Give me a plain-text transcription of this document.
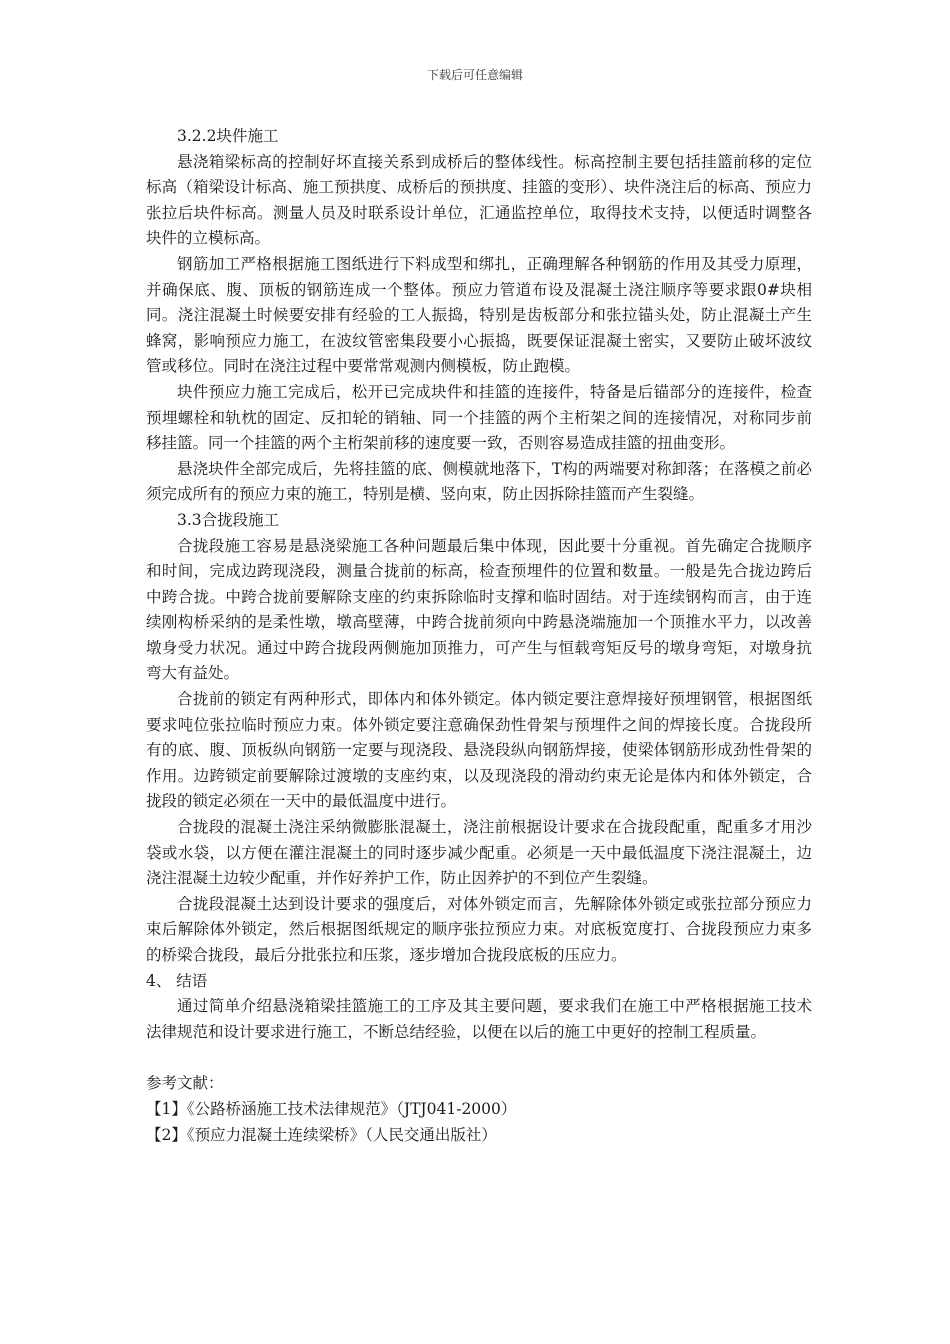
下载后可任意编辑

3.2.2块件施工

悬浇箱梁标高的控制好坏直接关系到成桥后的整体线性。标高控制主要包括挂篮前移的定位标高（箱梁设计标高、施工预拱度、成桥后的预拱度、挂篮的变形）、块件浇注后的标高、预应力张拉后块件标高。测量人员及时联系设计单位，汇通监控单位，取得技术支持，以便适时调整各块件的立模标高。

钢筋加工严格根据施工图纸进行下料成型和绑扎，正确理解各种钢筋的作用及其受力原理，并确保底、腹、顶板的钢筋连成一个整体。预应力管道布设及混凝土浇注顺序等要求跟0#块相同。浇注混凝土时候要安排有经验的工人振捣，特别是齿板部分和张拉锚头处，防止混凝土产生蜂窝，影响预应力施工，在波纹管密集段要小心振捣，既要保证混凝土密实，又要防止破坏波纹管或移位。同时在浇注过程中要常常观测内侧模板，防止跑模。

块件预应力施工完成后，松开已完成块件和挂篮的连接件，特备是后锚部分的连接件，检查预埋螺栓和轨枕的固定、反扣轮的销轴、同一个挂篮的两个主桁架之间的连接情况，对称同步前移挂篮。同一个挂篮的两个主桁架前移的速度要一致，否则容易造成挂篮的扭曲变形。

悬浇块件全部完成后，先将挂篮的底、侧模就地落下，T构的两端要对称卸落；在落模之前必须完成所有的预应力束的施工，特别是横、竖向束，防止因拆除挂篮而产生裂缝。

3.3合拢段施工

合拢段施工容易是悬浇梁施工各种问题最后集中体现，因此要十分重视。首先确定合拢顺序和时间，完成边跨现浇段，测量合拢前的标高，检查预埋件的位置和数量。一般是先合拢边跨后中跨合拢。中跨合拢前要解除支座的约束拆除临时支撑和临时固结。对于连续钢构而言，由于连续刚构桥采纳的是柔性墩，墩高壁薄，中跨合拢前须向中跨悬浇端施加一个顶推水平力，以改善墩身受力状况。通过中跨合拢段两侧施加顶推力，可产生与恒载弯矩反号的墩身弯矩，对墩身抗弯大有益处。

合拢前的锁定有两种形式，即体内和体外锁定。体内锁定要注意焊接好预埋钢管，根据图纸要求吨位张拉临时预应力束。体外锁定要注意确保劲性骨架与预埋件之间的焊接长度。合拢段所有的底、腹、顶板纵向钢筋一定要与现浇段、悬浇段纵向钢筋焊接，使梁体钢筋形成劲性骨架的作用。边跨锁定前要解除过渡墩的支座约束，以及现浇段的滑动约束无论是体内和体外锁定，合拢段的锁定必须在一天中的最低温度中进行。

合拢段的混凝土浇注采纳微膨胀混凝土，浇注前根据设计要求在合拢段配重，配重多才用沙袋或水袋，以方便在灌注混凝土的同时逐步减少配重。必须是一天中最低温度下浇注混凝土，边浇注混凝土边较少配重，并作好养护工作，防止因养护的不到位产生裂缝。

合拢段混凝土达到设计要求的强度后，对体外锁定而言，先解除体外锁定或张拉部分预应力束后解除体外锁定，然后根据图纸规定的顺序张拉预应力束。对底板宽度打、合拢段预应力束多的桥梁合拢段，最后分批张拉和压浆，逐步增加合拢段底板的压应力。

4、 结语

通过简单介绍悬浇箱梁挂篮施工的工序及其主要问题，要求我们在施工中严格根据施工技术法律规范和设计要求进行施工，不断总结经验，以便在以后的施工中更好的控制工程质量。

参考文献：

【1】《公路桥涵施工技术法律规范》（JTJ041-2000）

【2】《预应力混凝土连续梁桥》（人民交通出版社）
